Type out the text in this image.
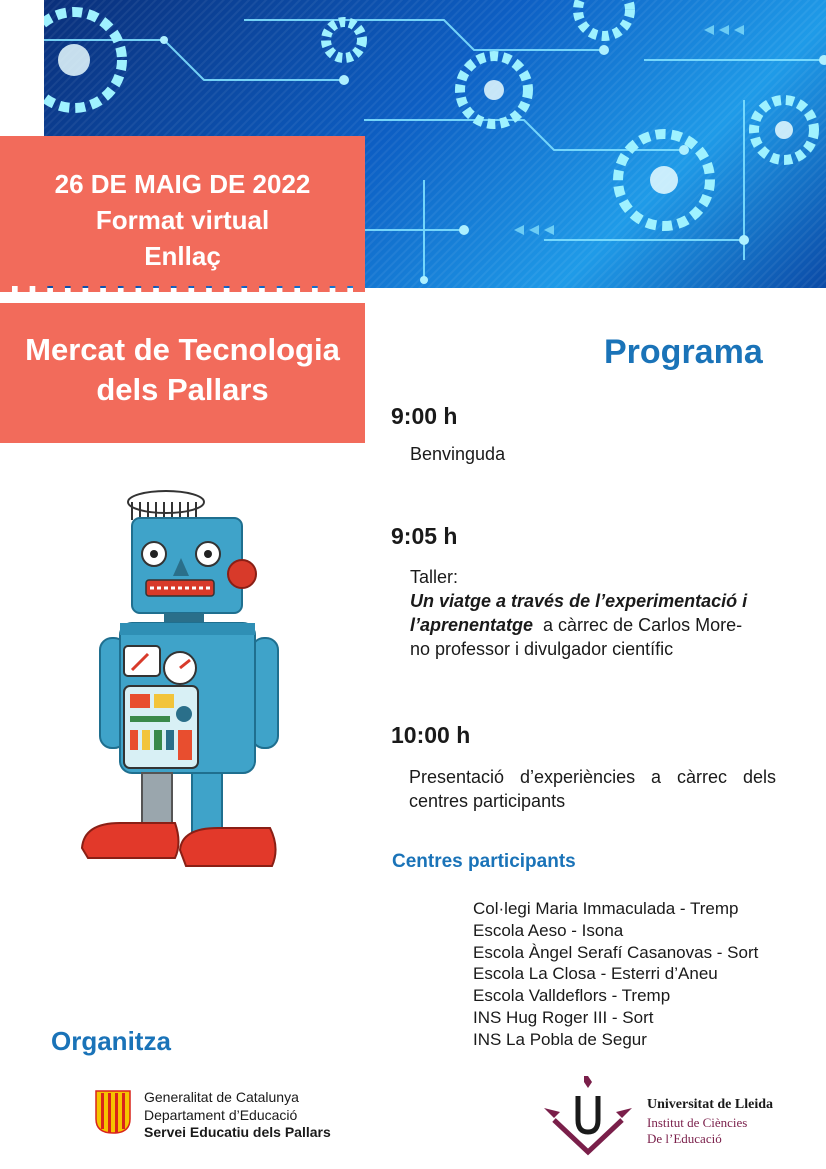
26 DE MAIG DE 2022
Format virtual
Enllaç
Mercat de Tecnologia
dels Pallars
Programa
9:00 h
Benvinguda
9:05 h
Taller:
Un viatge a través de l’experimentació i
l’aprenentatge  a càrrec de Carlos More-
no professor i divulgador científic
10:00 h
Presentació d’experiències a càrrec dels
centres participants
Centres participants
Col·legi Maria Immaculada - Tremp
Escola Aeso - Isona
Escola Àngel Serafí Casanovas - Sort
Escola La Closa - Esterri d’Aneu
Escola Valldeflors - Tremp
INS Hug Roger III - Sort
INS La Pobla de Segur
Organitza
Generalitat de Catalunya
Departament d’Educació
Servei Educatiu dels Pallars
Universitat de Lleida
Institut de Ciències
De l’Educació
